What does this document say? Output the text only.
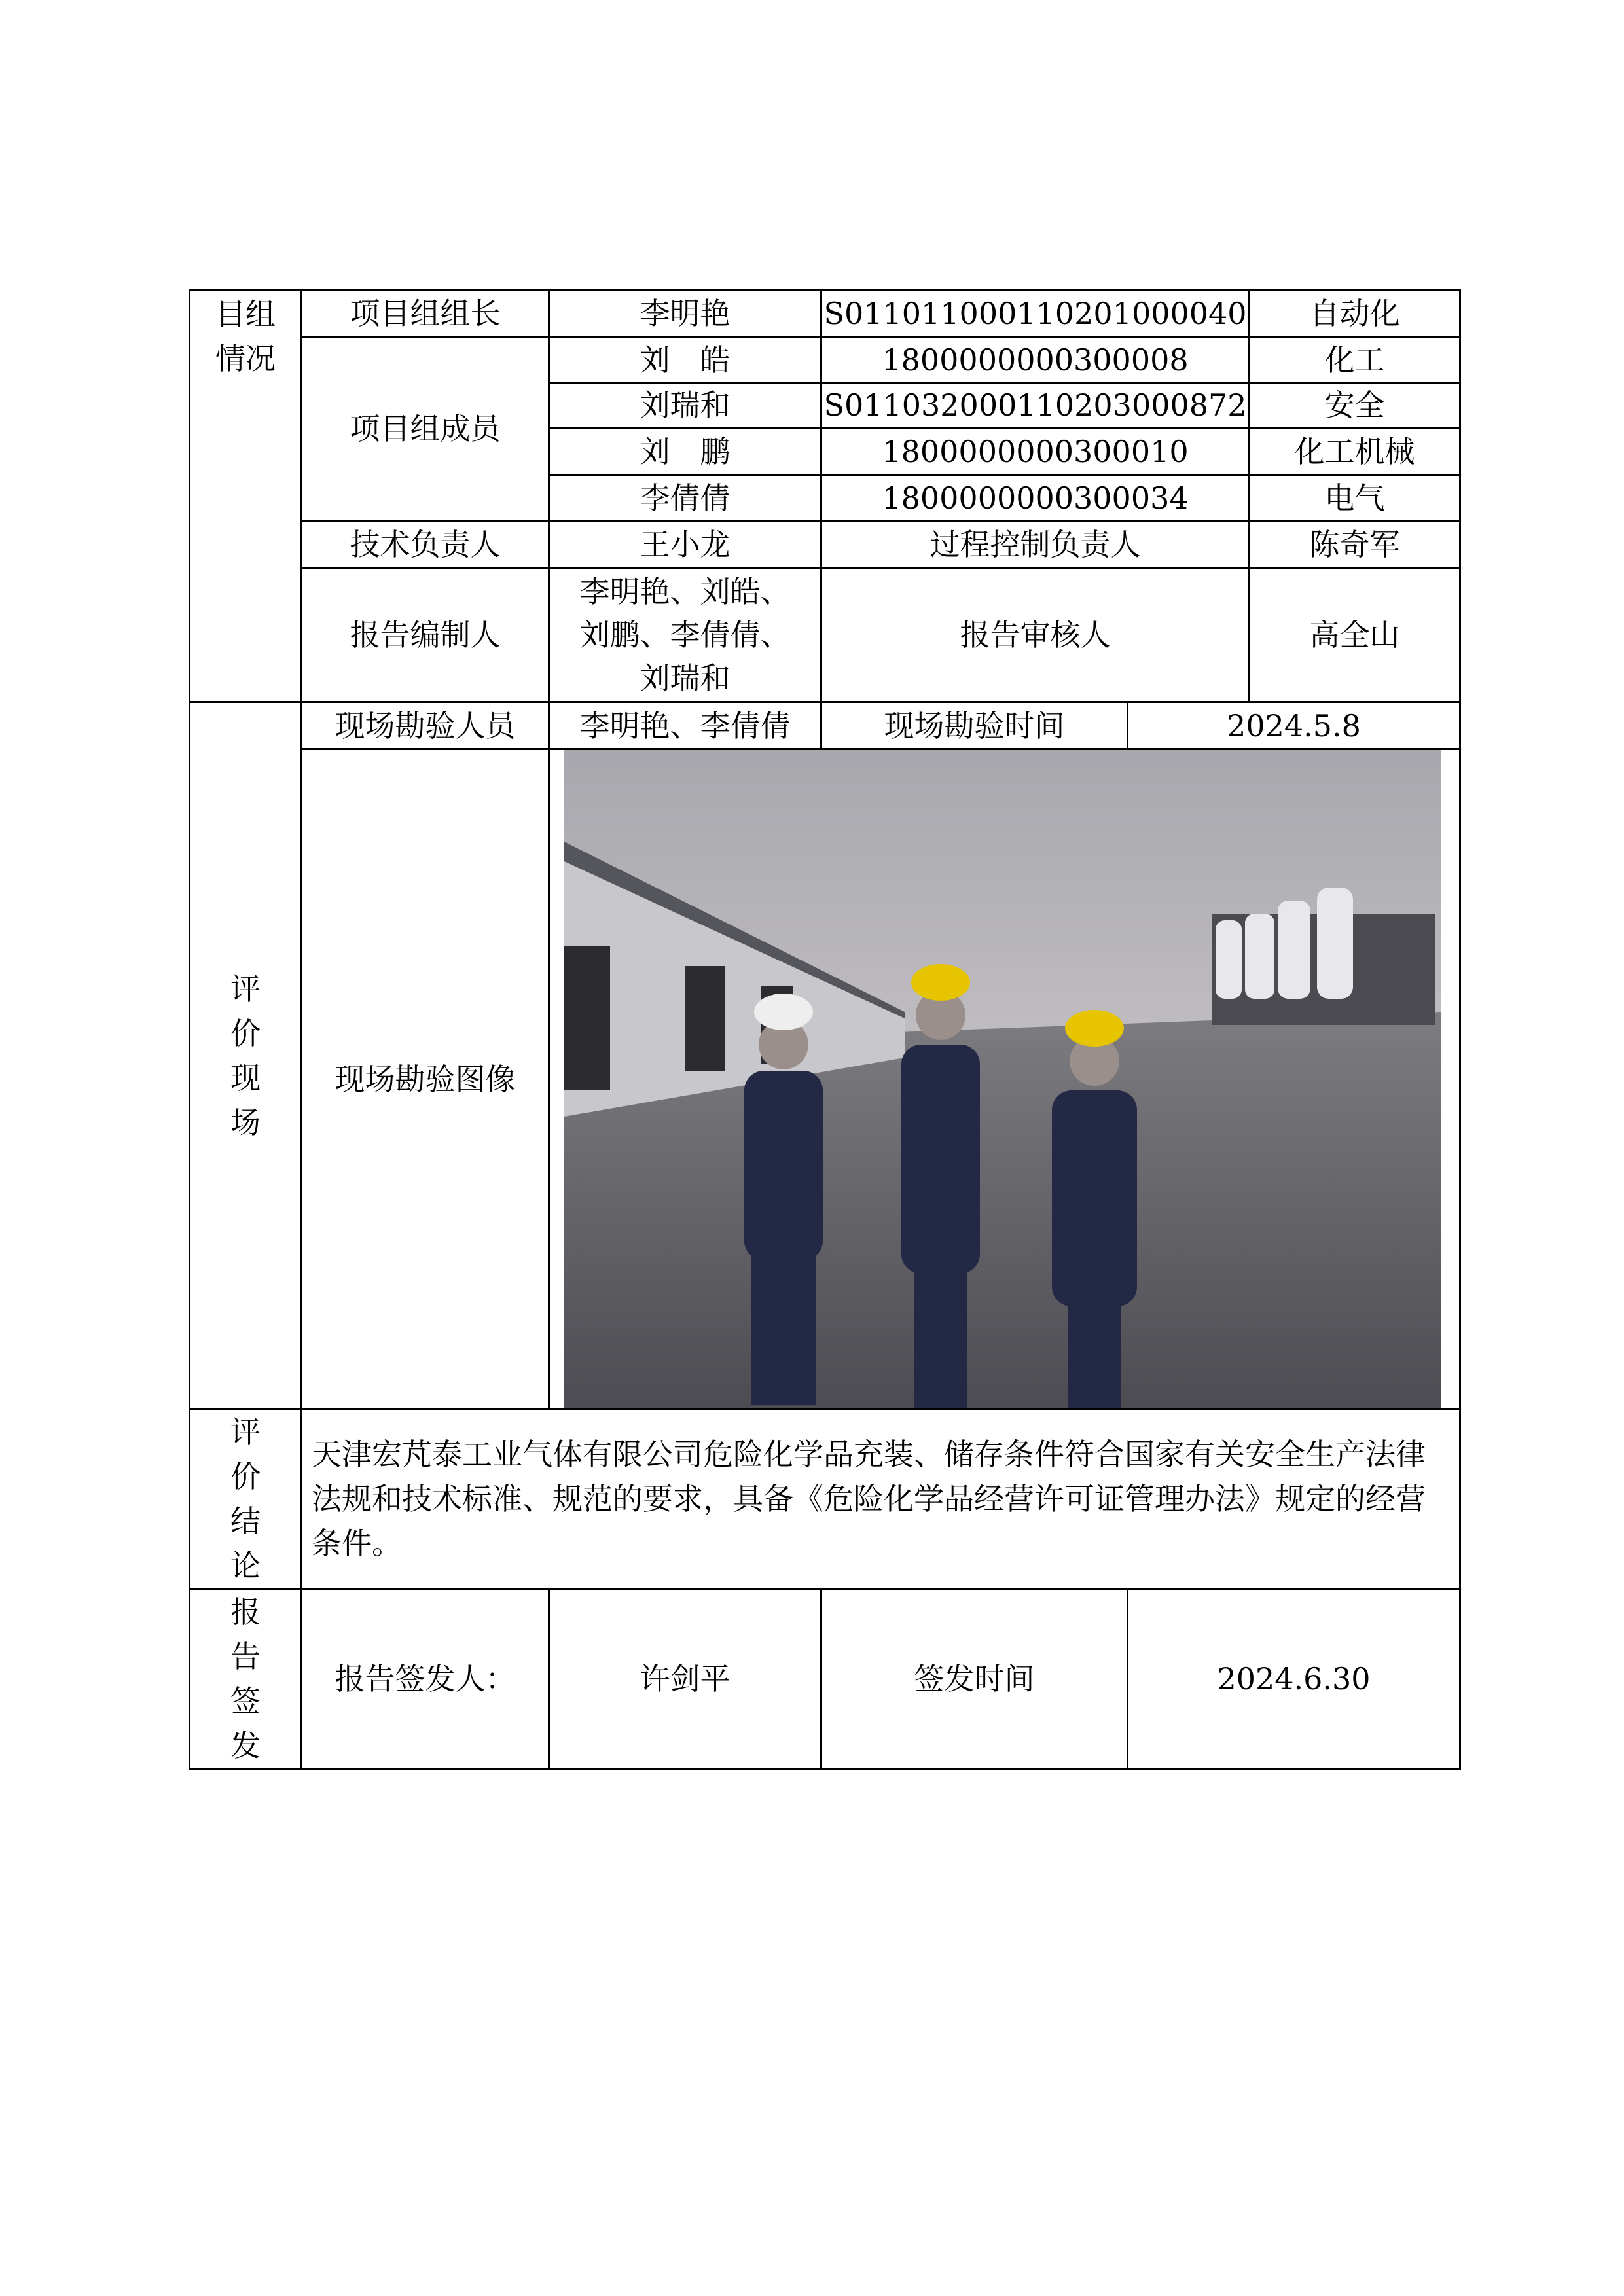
目组
情况	项目组组长	李明艳	S011011000110201000040		自动化
	项目组成员	刘　皓	1800000000300008		化工
		刘瑞和	S011032000110203000872		安全
		刘　鹏	1800000000300010		化工机械
		李倩倩	1800000000300034		电气
	技术负责人	王小龙	过程控制负责人		陈奇军
	报告编制人	李明艳、刘皓、
刘鹏、李倩倩、
刘瑞和	报告审核人		高全山

评 价
现 场	现场勘验人员	李明艳、李倩倩	现场勘验时间	2024.5.8	
	现场勘验图像	

评 价
结 论	天津宏芃泰工业气体有限公司危险化学品充装、储存条件符合国家有关安全生产法律法规和技术标准、规范的要求，具备《危险化学品经营许可证管理办法》规定的经营条件。				

报 告
签 发	报告签发人：	许剑平	签发时间	2024.6.30	
